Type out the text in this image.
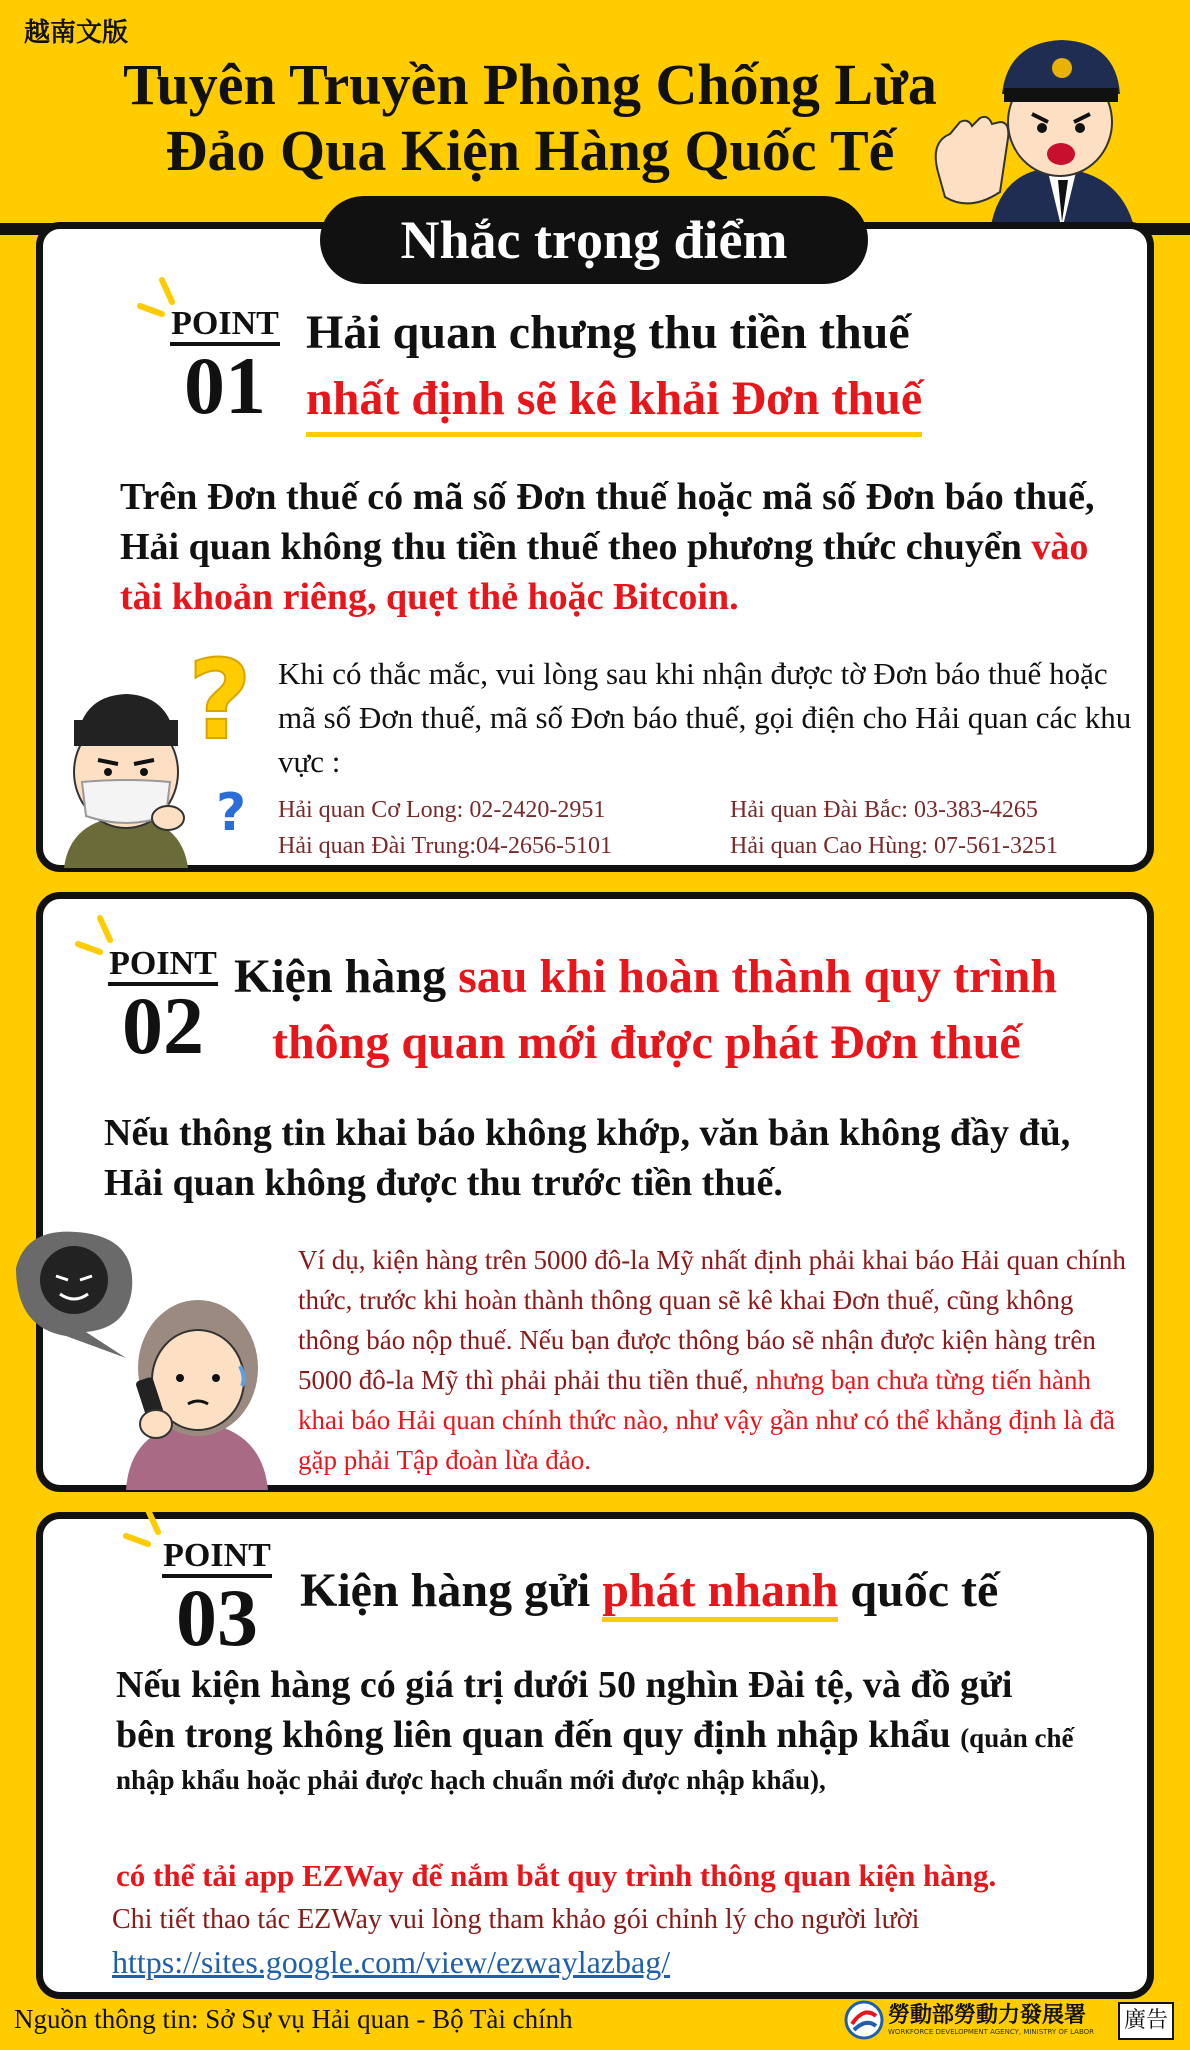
越南文版
Tuyên Truyền Phòng Chống Lừa
Đảo Qua Kiện Hàng Quốc Tế
Nhắc trọng điểm
POINT
01
Hải quan chưng thu tiền thuế
nhất định sẽ kê khải Đơn thuế
Trên Đơn thuế có mã số Đơn thuế hoặc mã số Đơn báo thuế, Hải quan không thu tiền thuế theo phương thức chuyển vào tài khoản riêng, quẹt thẻ hoặc Bitcoin.
?
?
Khi có thắc mắc, vui lòng sau khi nhận được tờ Đơn báo thuế hoặc mã số Đơn thuế, mã số Đơn báo thuế, gọi điện cho Hải quan các khu vực :
Hải quan Cơ Long: 02-2420-2951	Hải quan Đài Bắc: 03-383-4265
Hải quan Đài Trung:04-2656-5101	Hải quan Cao Hùng: 07-561-3251
POINT
02
Kiện hàng sau khi hoàn thành quy trình
thông quan mới được phát Đơn thuế
Nếu thông tin khai báo không khớp, văn bản không đầy đủ, Hải quan không được thu trước tiền thuế.
Ví dụ, kiện hàng trên 5000 đô-la Mỹ nhất định phải khai báo Hải quan chính thức, trước khi hoàn thành thông quan sẽ kê khai Đơn thuế, cũng không thông báo nộp thuế. Nếu bạn được thông báo sẽ nhận được kiện hàng trên 5000 đô-la Mỹ thì phải phải thu tiền thuế, nhưng bạn chưa từng tiến hành khai báo Hải quan chính thức nào, như vậy gần như có thể khẳng định là đã gặp phải Tập đoàn lừa đảo.
POINT
03 Kiện hàng gửi phát nhanh quốc tế
Nếu kiện hàng có giá trị dưới 50 nghìn Đài tệ, và đồ gửi bên trong không liên quan đến quy định nhập khẩu (quản chế nhập khẩu hoặc phải được hạch chuẩn mới được nhập khẩu),
có thể tải app EZWay để nắm bắt quy trình thông quan kiện hàng.
Chi tiết thao tác EZWay vui lòng tham khảo gói chỉnh lý cho người lười
https://sites.google.com/view/ezwaylazbag/
Nguồn thông tin: Sở Sự vụ Hải quan - Bộ Tài chính	勞動部勞動力發展署
WORKFORCE DEVELOPMENT AGENCY, MINISTRY OF LABOR 廣告
